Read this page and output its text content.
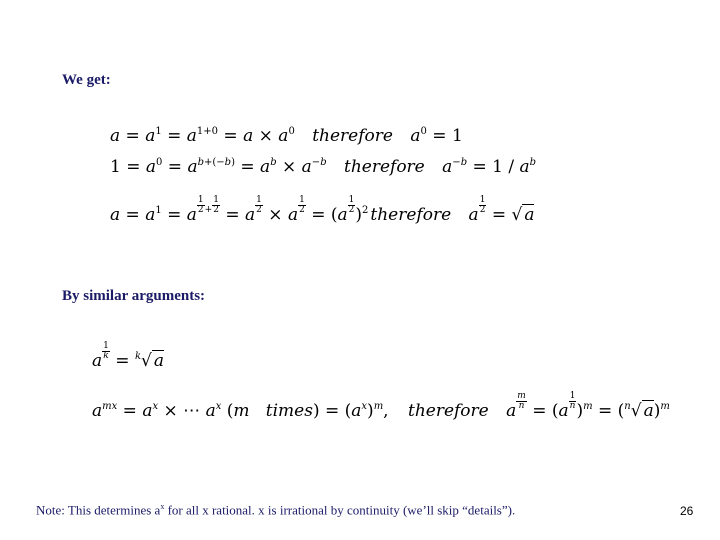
We get:
$a = a^1 = a^{1+0} = a \times a^0$ therefore $a^0 = 1$
$1 = a^0 = a^{b+(-b)} = a^b \times a^{-b}$ therefore $a^{-b} = 1 / a^b$
$a = a^1 = a \frac{1}{2} + \frac{1}{2} = a \frac{1}{2} \times a \frac{1}{2} = (a \frac{1}{2} )^2$ therefore a $\frac{1}{2}$ = √ a
By similar arguments:
a $\frac{1}{k} = ^k√$ a
$a^{mx} = a^x$ × ⋯ $a^x$ (m times) = $(a^x)^m$, therefore a $\frac{m}{n} = (a \frac{1}{n} )^m = (^n√$ a)$^m$
Note: This determines $a^x$ for all x rational. x is irrational by continuity (we’ll skip “details”).	26
